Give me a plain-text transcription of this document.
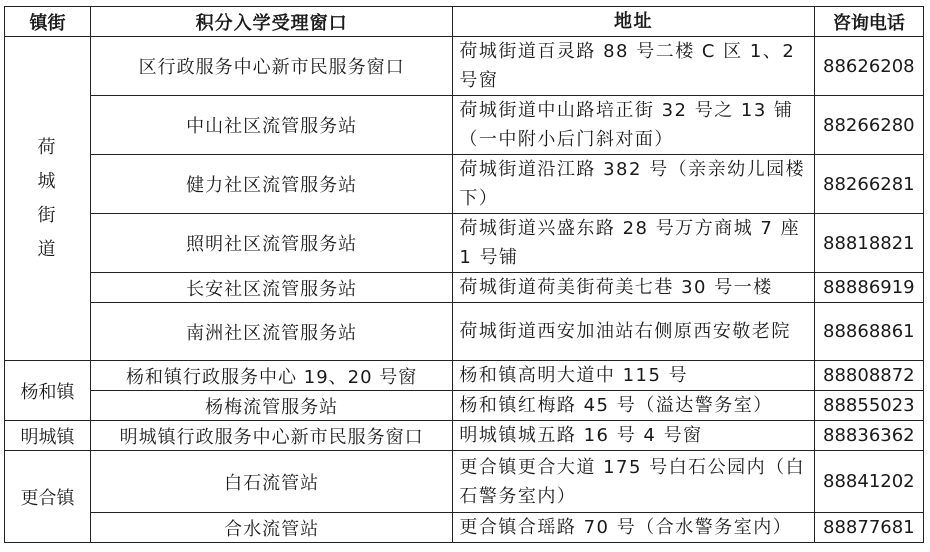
镇街	积分入学受理窗口	地址	咨询电话
荷城街道	区行政服务中心新市民服务窗口	荷城街道百灵路 88 号二楼 C 区 1、2 号窗	88626208
	中山社区流管服务站	荷城街道中山路培正街 32 号之 13 铺（一中附小后门斜对面）	88266280
	健力社区流管服务站	荷城街道沿江路 382 号（亲亲幼儿园楼下）	88266281
	照明社区流管服务站	荷城街道兴盛东路 28 号万方商城 7 座 1 号铺	88818821
	长安社区流管服务站	荷城街道荷美街荷美七巷 30 号一楼	88886919
	南洲社区流管服务站	荷城街道西安加油站右侧原西安敬老院	88868861
杨和镇	杨和镇行政服务中心 19、20 号窗	杨和镇高明大道中 115 号	88808872
	杨梅流管服务站	杨和镇红梅路 45 号（溢达警务室）	88855023
明城镇	明城镇行政服务中心新市民服务窗口	明城镇城五路 16 号 4 号窗	88836362
更合镇	白石流管站	更合镇更合大道 175 号白石公园内（白石警务室内）	88841202
	合水流管站	更合镇合瑶路 70 号（合水警务室内）	88877681
